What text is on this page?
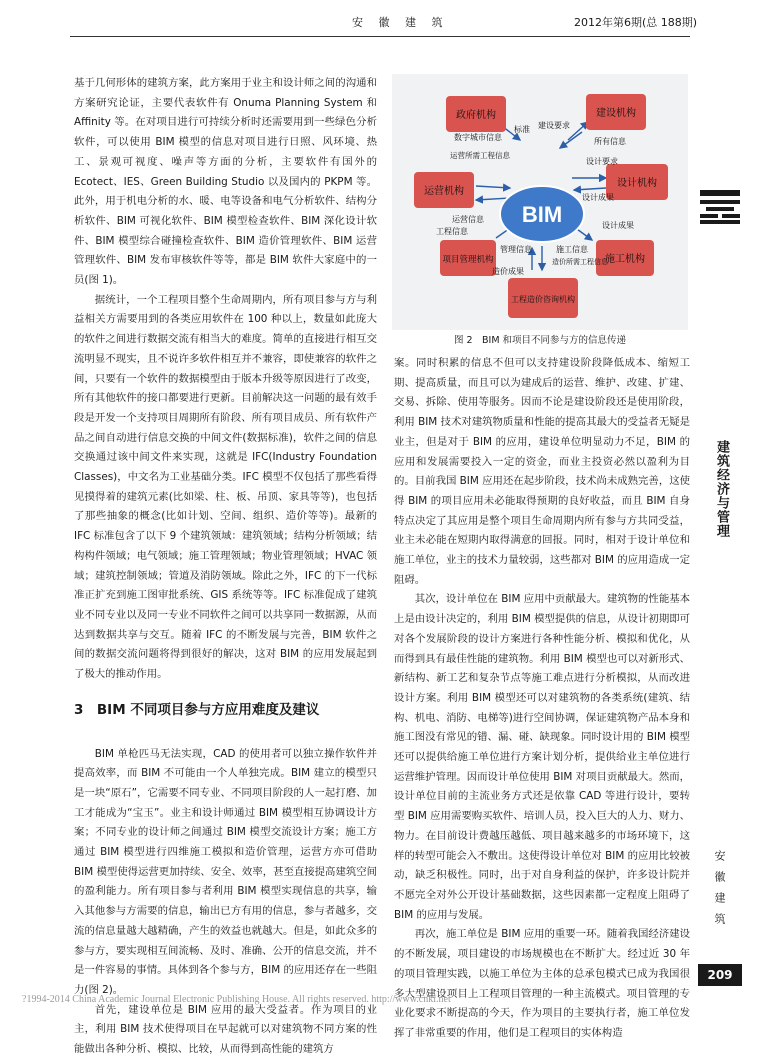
安 徽 建 筑	2012年第6期(总 188期)

基于几何形体的建筑方案，此方案用于业主和设计师之间的沟通和方案研究论证，主要代表软件有 Onuma Planning System 和 Affinity 等。在对项目进行可持续分析时还需要用到一些绿色分析软件，可以使用 BIM 模型的信息对项目进行日照、风环境、热工、景观可视度、噪声等方面的分析，主要软件有国外的 Ecotect、IES、Green Building Studio 以及国内的 PKPM 等。此外，用于机电分析的水、暖、电等设备和电气分析软件、结构分析软件、BIM 可视化软件、BIM 模型检查软件、BIM 深化设计软件、BIM 模型综合碰撞检查软件、BIM 造价管理软件、BIM 运营管理软件、BIM 发布审核软件等等，都是 BIM 软件大家庭中的一员(图 1)。

据统计，一个工程项目整个生命周期内，所有项目参与方与利益相关方需要用到的各类应用软件在 100 种以上，数量如此庞大的软件之间进行数据交流有相当大的难度。简单的直接进行相互交流明显不现实，且不说许多软件相互并不兼容，即使兼容的软件之间，只要有一个软件的数据模型由于版本升级等原因进行了改变，所有其他软件的接口都要进行更新。目前解决这一问题的最有效手段是开发一个支持项目周期所有阶段、所有项目成员、所有软件产品之间自动进行信息交换的中间文件(数据标准)，软件之间的信息交换通过该中间文件来实现，这就是 IFC(Industry Foundation Classes)，中文名为工业基础分类。IFC 模型不仅包括了那些看得见摸得着的建筑元素(比如梁、柱、板、吊顶、家具等等)，也包括了那些抽象的概念(比如计划、空间、组织、造价等等)。最新的 IFC 标准包含了以下 9 个建筑领域：建筑领域；结构分析领域；结构构件领域；电气领域；施工管理领域；物业管理领域；HVAC 领域；建筑控制领域；管道及消防领域。除此之外，IFC 的下一代标准正扩充到施工图审批系统、GIS 系统等等。IFC 标准促成了建筑业不同专业以及同一专业不同软件之间可以共享同一数据源，从而达到数据共享与交互。随着 IFC 的不断发展与完善，BIM 软件之间的数据交流问题将得到很好的解决，这对 BIM 的应用发展起到了极大的推动作用。

3　BIM 不同项目参与方应用难度及建议

BIM 单枪匹马无法实现，CAD 的使用者可以独立操作软件并提高效率，而 BIM 不可能由一个人单独完成。BIM 建立的模型只是一块“原石”，它需要不同专业、不同项目阶段的人一起打磨、加工才能成为“宝玉”。业主和设计师通过 BIM 模型相互协调设计方案；不同专业的设计师之间通过 BIM 模型交流设计方案；施工方通过 BIM 模型进行四维施工模拟和造价管理，运营方亦可借助 BIM 模型使得运营更加持续、安全、效率，甚至直接提高建筑空间的盈利能力。所有项目参与者利用 BIM 模型实现信息的共享，输入其他参与方需要的信息，输出已方有用的信息，参与者越多，交流的信息量越大越精确，产生的效益也就越大。但是，如此众多的参与方，要实现相互间流畅、及时、准确、公开的信息交流，并不是一件容易的事情。具体到各个参与方，BIM 的应用还存在一些阻力(图 2)。

首先，建设单位是 BIM 应用的最大受益者。作为项目的业主，利用 BIM 技术使得项目在早起就可以对建筑物不同方案的性能做出各种分析、模拟、比较，从而得到高性能的建筑方

BIM
政府机构	建设机构
运营机构
设计机构
项目管理机构	施工机构
工程造价咨询机构
数字城市信息
标准 建设要求
所有信息
运营所需工程信息
设计要求
运营信息
设计成果
设计成果
工程信息
管理信息	施工信息
造价所需工程信息
造价成果
图 2　BIM 和项目不同参与方的信息传递

案。同时积累的信息不但可以支持建设阶段降低成本、缩短工期、提高质量，而且可以为建成后的运营、维护、改建、扩建、交易、拆除、使用等服务。因而不论是建设阶段还是使用阶段，利用 BIM 技术对建筑物质量和性能的提高其最大的受益者无疑是业主，但是对于 BIM 的应用，建设单位明显动力不足，BIM 的应用和发展需要投入一定的资金，而业主投资必然以盈利为目的。目前我国 BIM 应用还在起步阶段，技术尚未成熟完善，这使得 BIM 的项目应用未必能取得预期的良好收益，而且 BIM 自身特点决定了其应用是整个项目生命周期内所有参与方共同受益，业主未必能在短期内取得满意的回报。同时，相对于设计单位和施工单位，业主的技术力量较弱，这些都对 BIM 的应用造成一定阻碍。

其次，设计单位在 BIM 应用中贡献最大。建筑物的性能基本上是由设计决定的，利用 BIM 模型提供的信息，从设计初期即可对各个发展阶段的设计方案进行各种性能分析、模拟和优化，从而得到具有最佳性能的建筑物。利用 BIM 模型也可以对新形式、新结构、新工艺和复杂节点等施工难点进行分析模拟，从而改进设计方案。利用 BIM 模型还可以对建筑物的各类系统(建筑、结构、机电、消防、电梯等)进行空间协调，保证建筑物产品本身和施工图没有常见的错、漏、碰、缺现象。同时设计用的 BIM 模型还可以提供给施工单位进行方案计划分析，提供给业主单位进行运营维护管理。因而设计单位使用 BIM 对项目贡献最大。然而，设计单位目前的主流业务方式还是依靠 CAD 等进行设计，要转型 BIM 应用需要购买软件、培训人员，投入巨大的人力、财力、物力。在目前设计费越压越低、项目越来越多的市场环境下，这样的转型可能会入不敷出。这使得设计单位对 BIM 的应用比较被动，缺乏积极性。同时，出于对自身利益的保护，许多设计院并不愿完全对外公开设计基础数据，这些因素都一定程度上阻碍了 BIM 的应用与发展。

再次，施工单位是 BIM 应用的重要一环。随着我国经济建设的不断发展，项目建设的市场规模也在不断扩大。经过近 30 年的项目管理实践，以施工单位为主体的总承包模式已成为我国很多大型建设项目上工程项目管理的一种主流模式。项目管理的专业化要求不断提高的今天，作为项目的主要执行者，施工单位发挥了非常重要的作用，他们是工程项目的实体构造

建筑经济与管理
安徽建筑
209
?1994-2014 China Academic Journal Electronic Publishing House. All rights reserved. http://www.cnki.net
